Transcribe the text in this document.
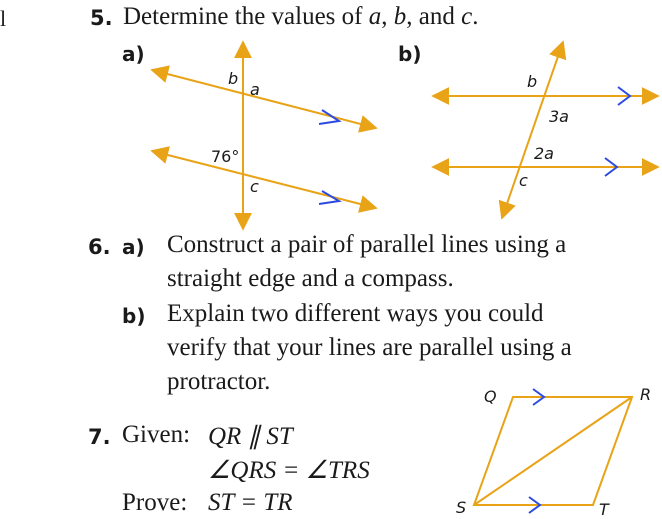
l	5. Determine the values of a, b, and c.
a)	b)
b
a
76°
c
b
3a
2a
c
6. a) Construct a pair of parallel lines using a
straight edge and a compass.
b) Explain two different ways you could
verify that your lines are parallel using a
protractor.
7. Given: QR ∥ ST
∠QRS = ∠TRS
Prove: ST = TR
Q	R
S	T
